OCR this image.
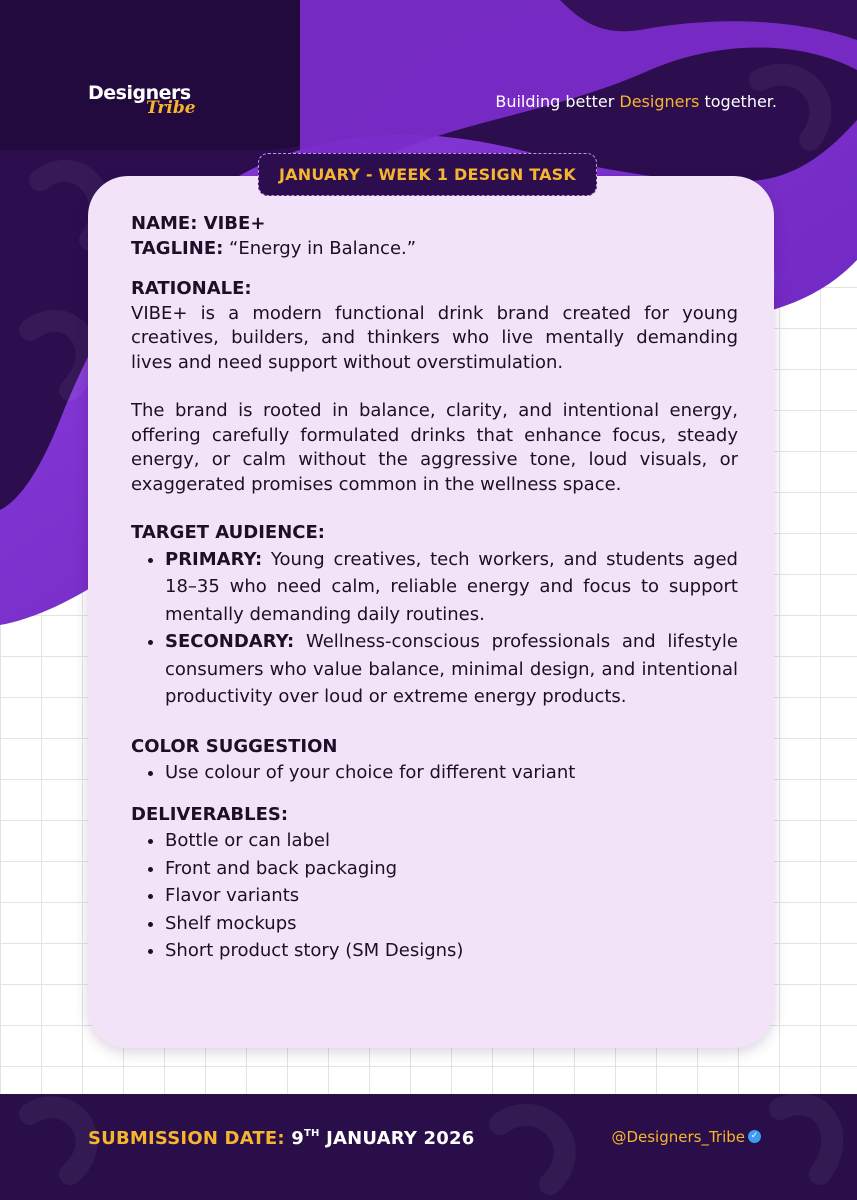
Designers
Tribe	Building better Designers together.
JANUARY - WEEK 1 DESIGN TASK

NAME: VIBE+

TAGLINE: “Energy in Balance.”

RATIONALE:

VIBE+ is a modern functional drink brand created for young creatives, builders, and thinkers who live mentally demanding lives and need support without overstimulation.

The brand is rooted in balance, clarity, and intentional energy, offering carefully formulated drinks that enhance focus, steady energy, or calm without the aggressive tone, loud visuals, or exaggerated promises common in the wellness space.

TARGET AUDIENCE:

• PRIMARY: Young creatives, tech workers, and students aged 18–35 who need calm, reliable energy and focus to support mentally demanding daily routines.
• SECONDARY: Wellness-conscious professionals and lifestyle consumers who value balance, minimal design, and intentional productivity over loud or extreme energy products.

COLOR SUGGESTION

• Use colour of your choice for different variant

DELIVERABLES:

• Bottle or can label
• Front and back packaging
• Flavor variants
• Shelf mockups
• Short product story (SM Designs)
SUBMISSION DATE: 9TH JANUARY 2026	@Designers_Tribe ✓
